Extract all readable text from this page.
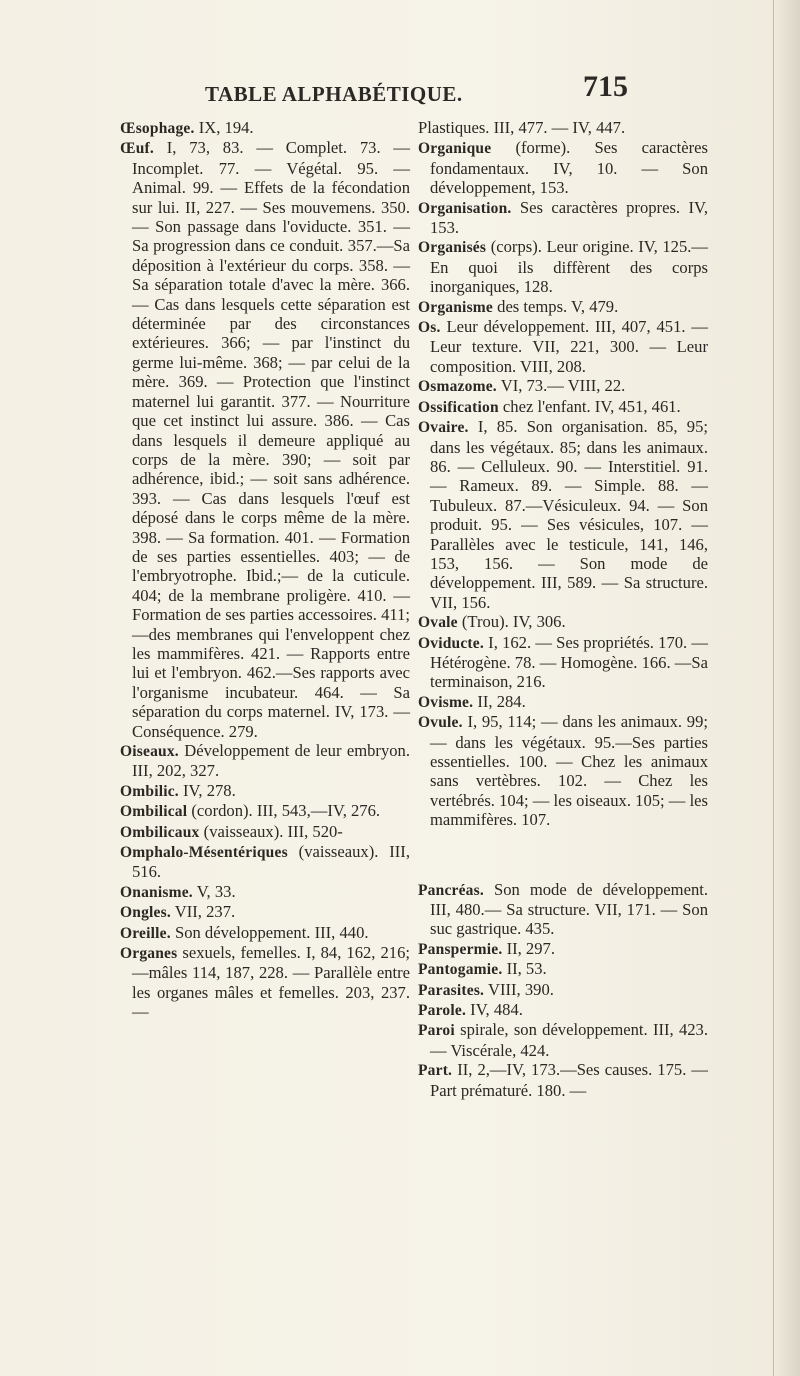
TABLE ALPHABÉTIQUE.	715

Œsophage. IX, 194.

Œuf. I, 73, 83. — Complet. 73. — Incomplet. 77. — Végétal. 95. — Animal. 99. — Effets de la fécondation sur lui. II, 227. — Ses mouvemens. 350. — Son passage dans l'oviducte. 351. — Sa progression dans ce conduit. 357.—Sa déposition à l'extérieur du corps. 358. — Sa séparation totale d'avec la mère. 366.— Cas dans lesquels cette séparation est déterminée par des circonstances extérieures. 366; — par l'instinct du germe lui-même. 368; — par celui de la mère. 369. — Protection que l'instinct maternel lui garantit. 377. — Nourriture que cet instinct lui assure. 386. — Cas dans lesquels il demeure appliqué au corps de la mère. 390; — soit par adhérence, ibid.; — soit sans adhérence. 393. — Cas dans lesquels l'œuf est déposé dans le corps même de la mère. 398. — Sa formation. 401. — Formation de ses parties essentielles. 403; — de l'embryotrophe. Ibid.;— de la cuticule. 404; de la membrane proligère. 410. — Formation de ses parties accessoires. 411; —des membranes qui l'enveloppent chez les mammifères. 421. — Rapports entre lui et l'embryon. 462.—Ses rapports avec l'organisme incubateur. 464. — Sa séparation du corps maternel. IV, 173. — Conséquence. 279.

Oiseaux. Développement de leur embryon. III, 202, 327.

Ombilic. IV, 278.

Ombilical (cordon). III, 543,—IV, 276.

Ombilicaux (vaisseaux). III, 520-

Omphalo-Mésentériques (vaisseaux). III, 516.

Onanisme. V, 33.

Ongles. VII, 237.

Oreille. Son développement. III, 440.

Organes sexuels, femelles. I, 84, 162, 216;—mâles 114, 187, 228. — Parallèle entre les organes mâles et femelles. 203, 237. —

Plastiques. III, 477. — IV, 447.

Organique (forme). Ses caractères fondamentaux. IV, 10. — Son développement, 153.

Organisation. Ses caractères propres. IV, 153.

Organisés (corps). Leur origine. IV, 125.— En quoi ils diffèrent des corps inorganiques, 128.

Organisme des temps. V, 479.

Os. Leur développement. III, 407, 451. — Leur texture. VII, 221, 300. — Leur composition. VIII, 208.

Osmazome. VI, 73.— VIII, 22.

Ossification chez l'enfant. IV, 451, 461.

Ovaire. I, 85. Son organisation. 85, 95; dans les végétaux. 85; dans les animaux. 86. — Celluleux. 90. — Interstitiel. 91. — Rameux. 89. — Simple. 88. — Tubuleux. 87.—Vésiculeux. 94. — Son produit. 95. — Ses vésicules, 107. — Parallèles avec le testicule, 141, 146, 153, 156. — Son mode de développement. III, 589. — Sa structure. VII, 156.

Ovale (Trou). IV, 306.

Oviducte. I, 162. — Ses propriétés. 170. — Hétérogène. 78. — Homogène. 166. —Sa terminaison, 216.

Ovisme. II, 284.

Ovule. I, 95, 114; — dans les animaux. 99; — dans les végétaux. 95.—Ses parties essentielles. 100. — Chez les animaux sans vertèbres. 102. — Chez les vertébrés. 104; — les oiseaux. 105; — les mammifères. 107.

Pancréas. Son mode de développement. III, 480.— Sa structure. VII, 171. — Son suc gastrique. 435.

Panspermie. II, 297.

Pantogamie. II, 53.

Parasites. VIII, 390.

Parole. IV, 484.

Paroi spirale, son développement. III, 423.— Viscérale, 424.

Part. II, 2,—IV, 173.—Ses causes. 175. — Part prématuré. 180. —
